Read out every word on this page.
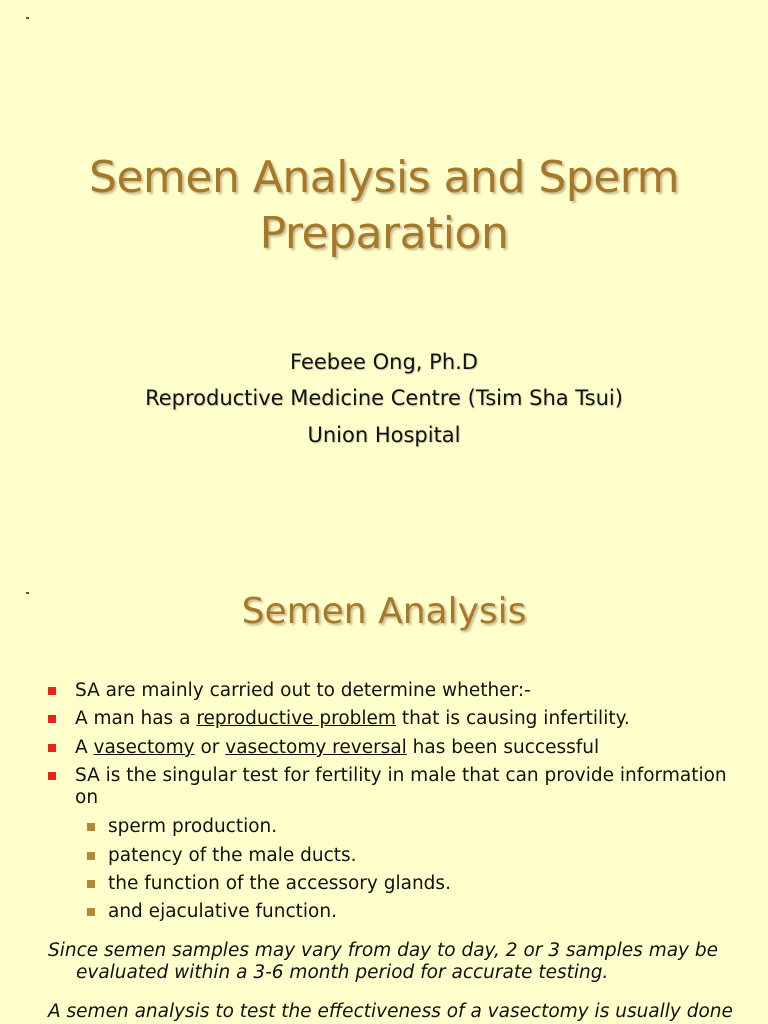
Semen Analysis and Sperm Preparation
Feebee Ong, Ph.D
Reproductive Medicine Centre (Tsim Sha Tsui)
Union Hospital
Semen Analysis
SA are mainly carried out to determine whether:-
A man has a reproductive problem that is causing infertility.
A vasectomy or vasectomy reversal has been successful
SA is the singular test for fertility in male that can provide information on
sperm production.
patency of the male ducts.
the function of the accessory glands.
and ejaculative function.
Since semen samples may vary from day to day, 2 or 3 samples may be
evaluated within a 3-6 month period for accurate testing.
A semen analysis to test the effectiveness of a vasectomy is usually done
